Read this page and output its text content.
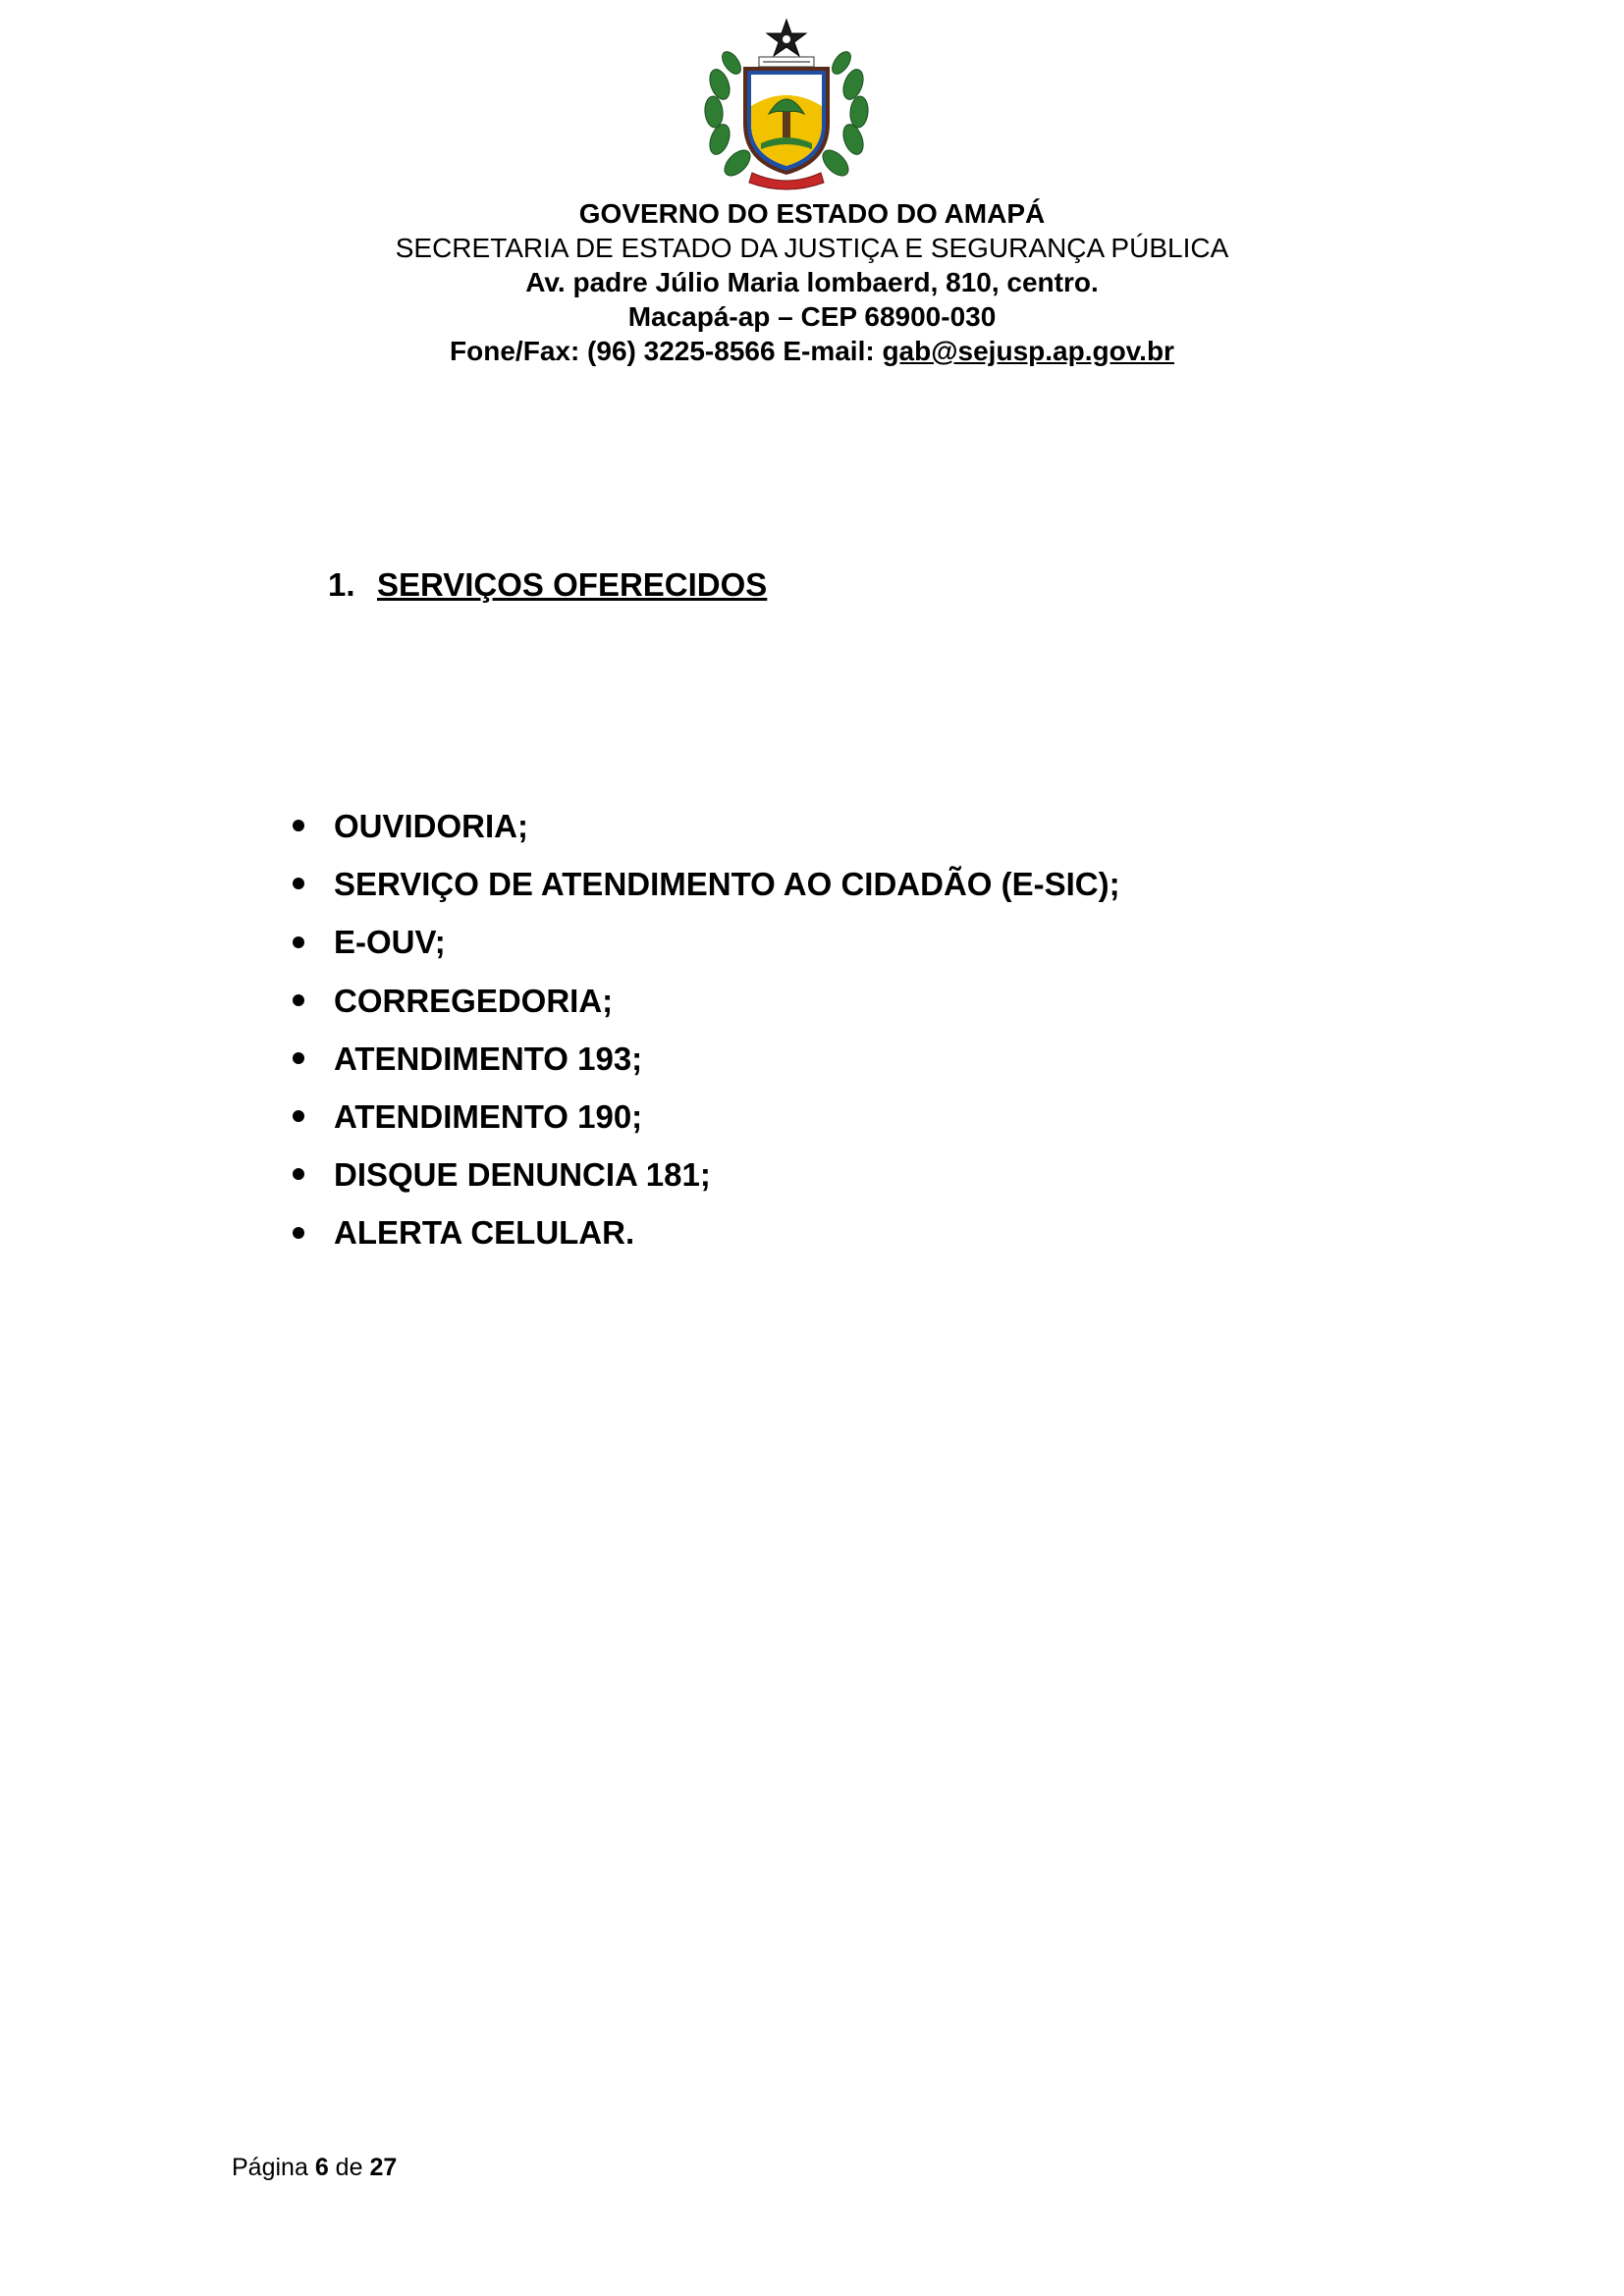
GOVERNO DO ESTADO DO AMAPÁ
SECRETARIA DE ESTADO DA JUSTIÇA E SEGURANÇA PÚBLICA
Av. padre Júlio Maria lombaerd, 810, centro.
Macapá-ap – CEP 68900-030
Fone/Fax: (96) 3225-8566 E-mail: gab@sejusp.ap.gov.br
1. SERVIÇOS OFERECIDOS
OUVIDORIA;
SERVIÇO DE ATENDIMENTO AO CIDADÃO (E-SIC);
E-OUV;
CORREGEDORIA;
ATENDIMENTO 193;
ATENDIMENTO 190;
DISQUE DENUNCIA 181;
ALERTA CELULAR.
Página 6 de 27
